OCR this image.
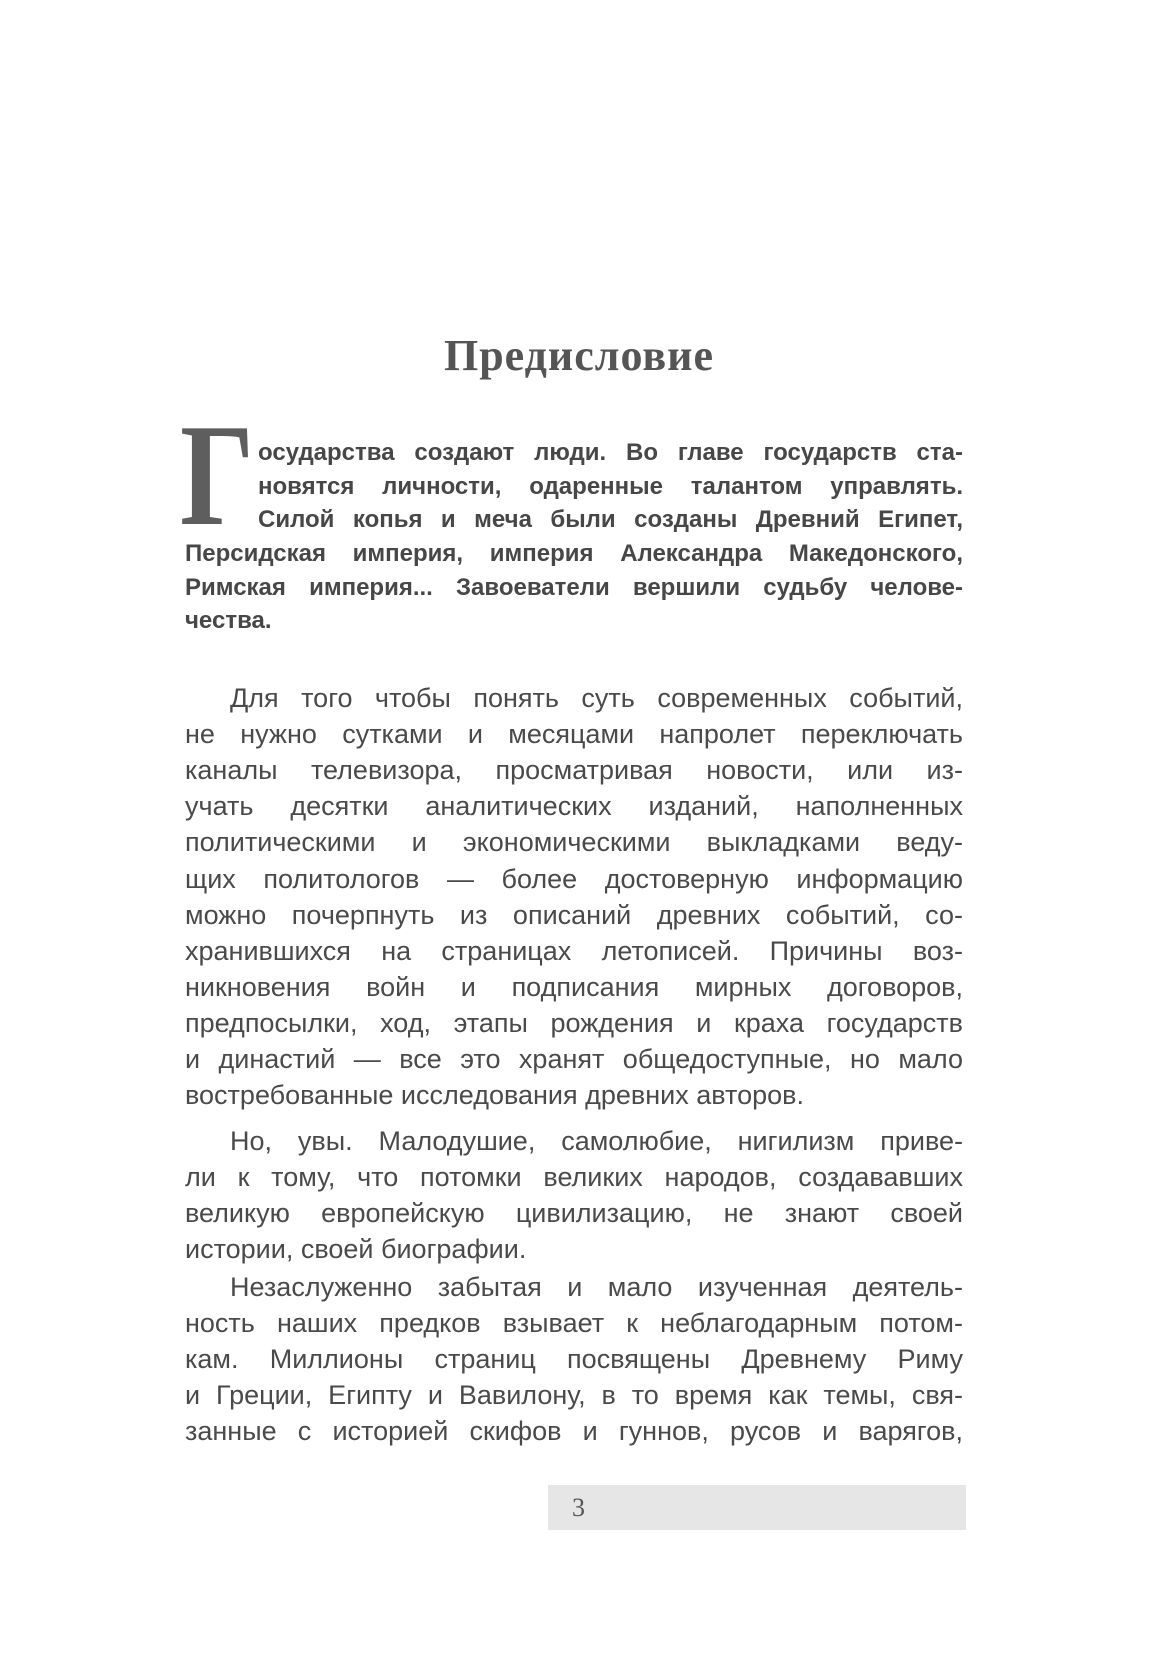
Предисловие
Г осударства создают люди. Во главе государств ста-
новятся личности, одаренные талантом управлять.
Силой копья и меча были созданы Древний Египет,
Персидская империя, империя Александра Македонского,
Римская империя... Завоеватели вершили судьбу челове-
чества.
Для того чтобы понять суть современных событий,
не нужно сутками и месяцами напролет переключать
каналы телевизора, просматривая новости, или из-
учать десятки аналитических изданий, наполненных
политическими и экономическими выкладками веду-
щих политологов — более достоверную информацию
можно почерпнуть из описаний древних событий, со-
хранившихся на страницах летописей. Причины воз-
никновения войн и подписания мирных договоров,
предпосылки, ход, этапы рождения и краха государств
и династий — все это хранят общедоступные, но мало
востребованные исследования древних авторов.
Но, увы. Малодушие, самолюбие, нигилизм приве-
ли к тому, что потомки великих народов, создававших
великую европейскую цивилизацию, не знают своей
истории, своей биографии.
Незаслуженно забытая и мало изученная деятель-
ность наших предков взывает к неблагодарным потом-
кам. Миллионы страниц посвящены Древнему Риму
и Греции, Египту и Вавилону, в то время как темы, свя-
занные с историей скифов и гуннов, русов и варягов,
3
